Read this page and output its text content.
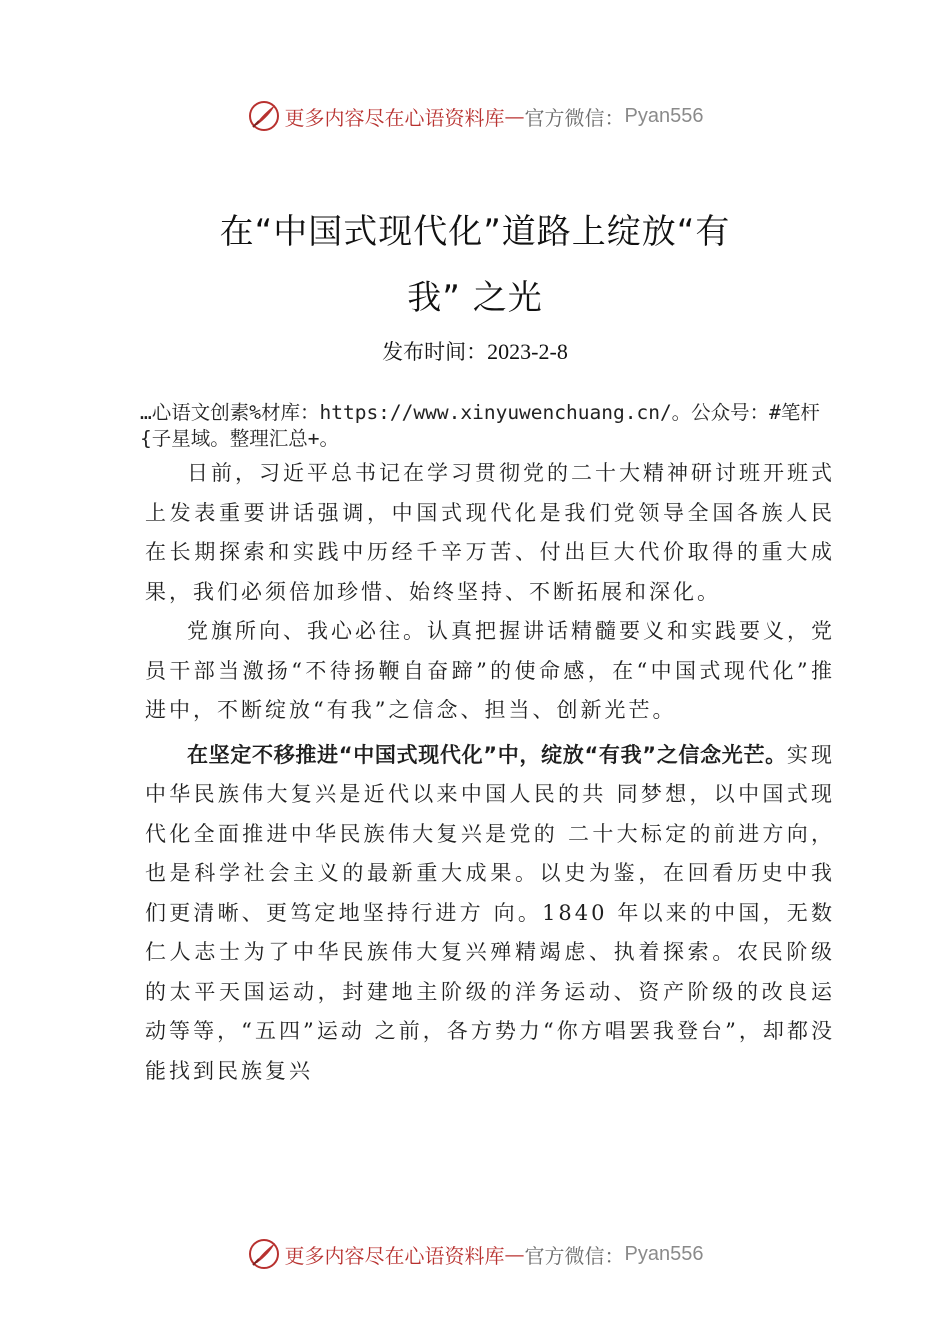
更多内容尽在心语资料库 — 官方微信： Pyan556
在“中国式现代化”道路上绽放“有
我” 之光
发布时间：2023-2-8
…心语文创素%材库：https://www.xinyuwenchuang.cn/。公众号：#笔杆{子星域。整理汇总+。

日前，习近平总书记在学习贯彻党的二十大精神研讨班开班式上发表重要讲话强调，中国式现代化是我们党领导全国各族人民在长期探索和实践中历经千辛万苦、付出巨大代价取得的重大成果，我们必须倍加珍惜、始终坚持、不断拓展和深化。

党旗所向、我心必往。认真把握讲话精髓要义和实践要义，党员干部当激扬“不待扬鞭自奋蹄”的使命感，在“中国式现代化”推进中，不断绽放“有我”之信念、担当、创新光芒。

在坚定不移推进“中国式现代化”中，绽放“有我”之信念光芒。实现中华民族伟大复兴是近代以来中国人民的共 同梦想，以中国式现代化全面推进中华民族伟大复兴是党的 二十大标定的前进方向，也是科学社会主义的最新重大成果。以史为鉴，在回看历史中我们更清晰、更笃定地坚持行进方 向。1840 年以来的中国，无数仁人志士为了中华民族伟大复兴殚精竭虑、执着探索。农民阶级的太平天国运动，封建地主阶级的洋务运动、资产阶级的改良运动等等，“五四”运动 之前，各方势力“你方唱罢我登台”，却都没能找到民族复兴

更多内容尽在心语资料库 — 官方微信： Pyan556
